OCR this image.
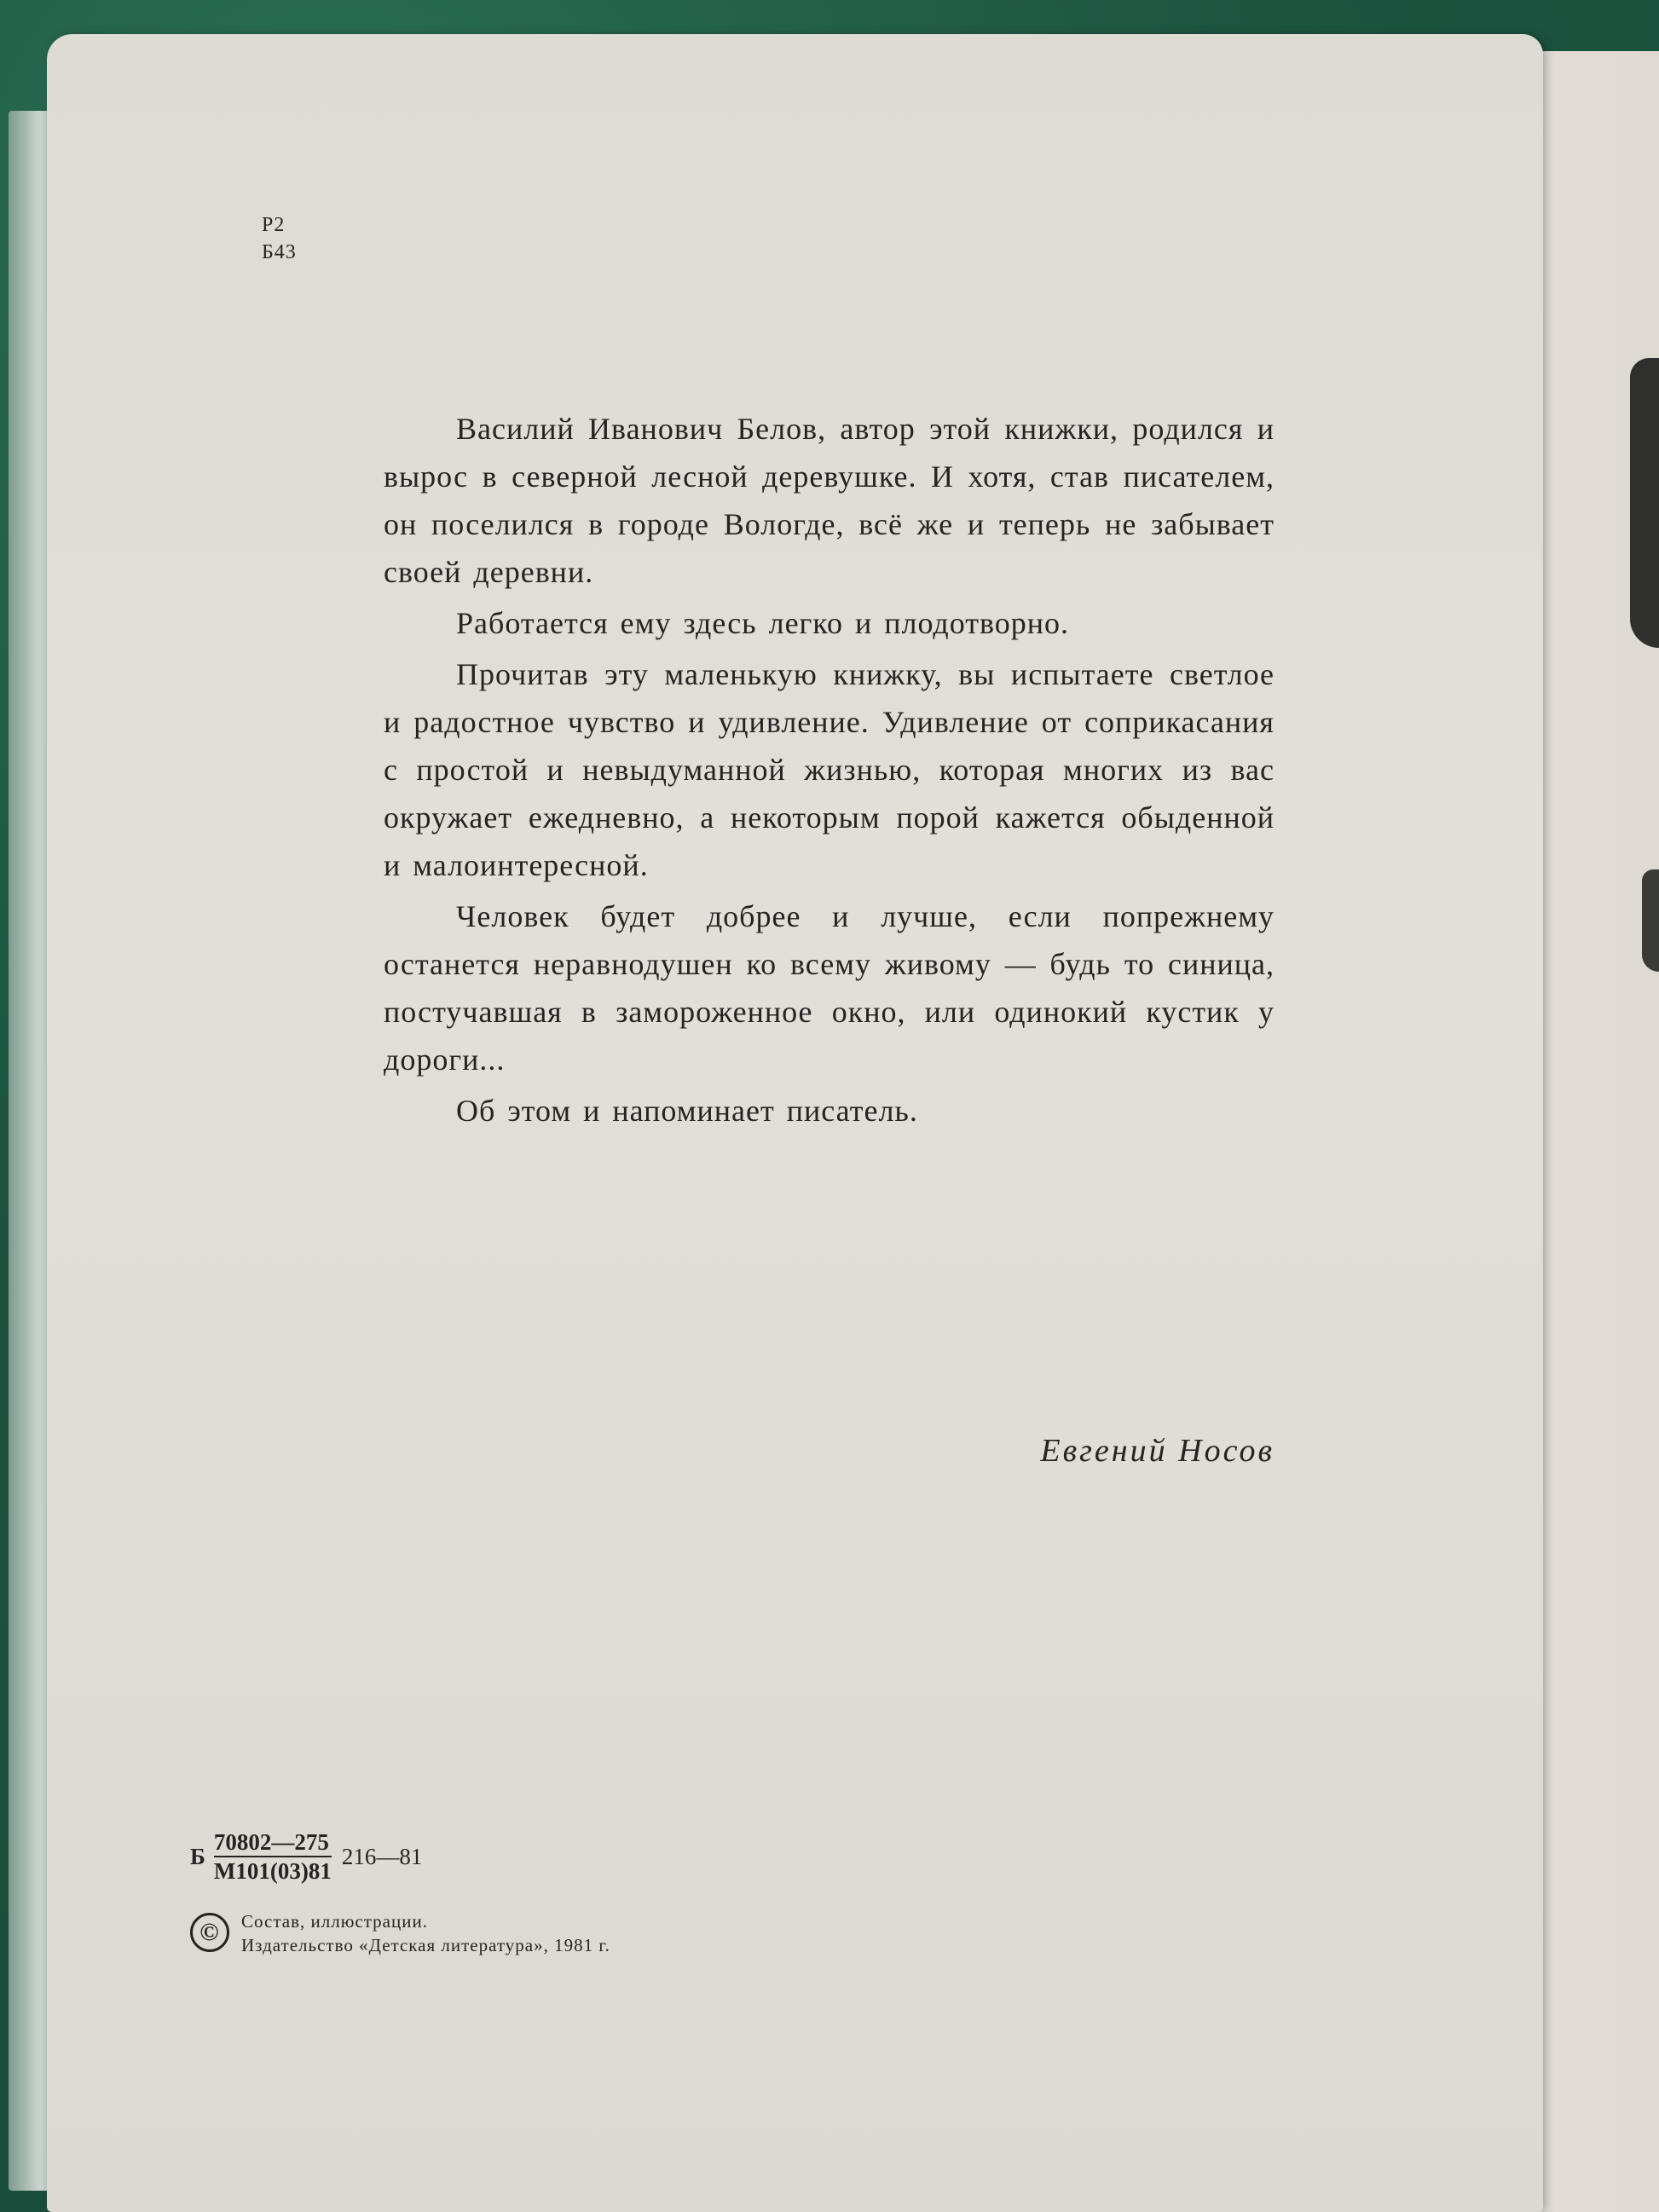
Р2
Б43

Василий Иванович Белов, автор этой книжки, родился и вырос в северной лесной деревушке. И хотя, став писателем, он поселился в городе Вологде, всё же и теперь не забывает своей деревни.

Работается ему здесь легко и плодотворно.

Прочитав эту маленькую книжку, вы испытаете светлое и радостное чувство и удивление. Удивление от соприкасания с простой и невыдуманной жизнью, которая многих из вас окружает ежедневно, а некоторым порой кажется обыденной и малоинтересной.

Человек будет добрее и лучше, если попрежнему останется неравнодушен ко всему живому — будь то синица, постучавшая в замороженное окно, или одинокий кустик у дороги...

Об этом и напоминает писатель.

Евгений Носов
Б $\frac{70802—275}{М101(03)81}$ 216—81
©	Состав, иллюстрации.
Издательство «Детская литература», 1981 г.
